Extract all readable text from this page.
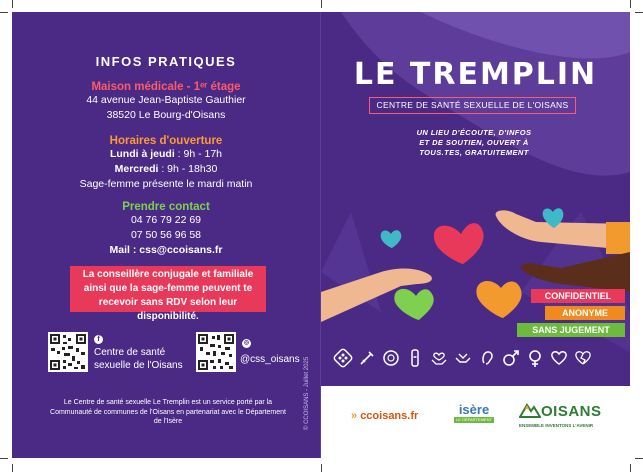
INFOS PRATIQUES
Maison médicale - 1ᵉʳ étage
44 avenue Jean-Baptiste Gauthier
38520 Le Bourg-d'Oisans
Horaires d'ouverture
Lundi à jeudi : 9h - 17h
Mercredi : 9h - 18h30
Sage-femme présente le mardi matin
Prendre contact
04 76 79 22 69
07 50 56 96 58
Mail : css@ccoisans.fr
La conseillère conjugale et familiale ainsi que la sage-femme peuvent te recevoir sans RDV selon leur disponibilité.
f
Centre de santé
sexuelle de l'Oisans
◎
@css_oisans
Le Centre de santé sexuelle Le Tremplin est un service porté par la Communauté de communes de l'Oisans en partenariat avec le Département de l'Isère	© CCOISANS - Juillet 2025
LE TREMPLIN
CENTRE DE SANTÉ SEXUELLE DE L'OISANS
UN LIEU D'ÉCOUTE, D'INFOS ET DE SOUTIEN, OUVERT À TOUS.TES, GRATUITEMENT
CONFIDENTIEL
ANONYME
SANS JUGEMENT
» ccoisans.fr	isère
LE DÉPARTEMENT	OISANS
ENSEMBLE INVENTONS L'AVENIR
